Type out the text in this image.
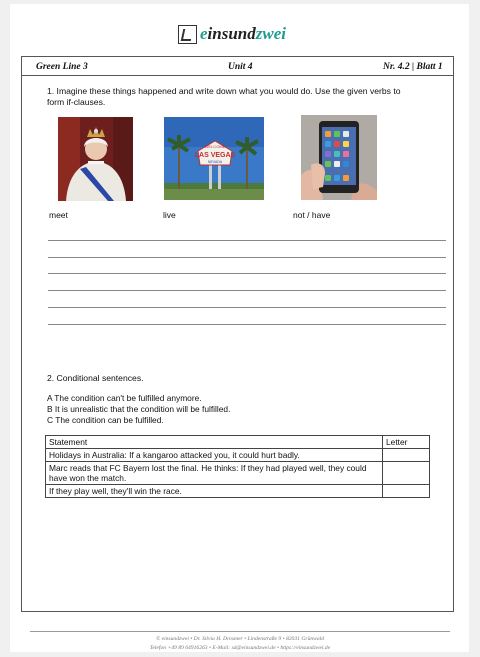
einsundzwei
Green Line 3	Unit 4	Nr. 4.2 | Blatt 1
1. Imagine these things happened and write down what you would do. Use the given verbs to
form if-clauses.
WELCOME
LAS VEGAS
NEVADA
meet	live	not / have
2. Conditional sentences.
A The condition can't be fulfilled anymore.
B It is unrealistic that the condition will be fulfilled.
C The condition can be fulfilled.
Statement	Letter
Holidays in Australia: If a kangaroo attacked you, it could hurt badly.	
Marc reads that FC Bayern lost the final. He thinks: If they had played well, they could have won the match.	
If they play well, they'll win the race.	
© einsundzwei • Dr. Silvia H. Drosmer • Lindenstraße 9 • 82031 Grünwald
Telefon +49 89 64916263 • E-Mail: sd@einsundzwei.de • https://einsundzwei.de
